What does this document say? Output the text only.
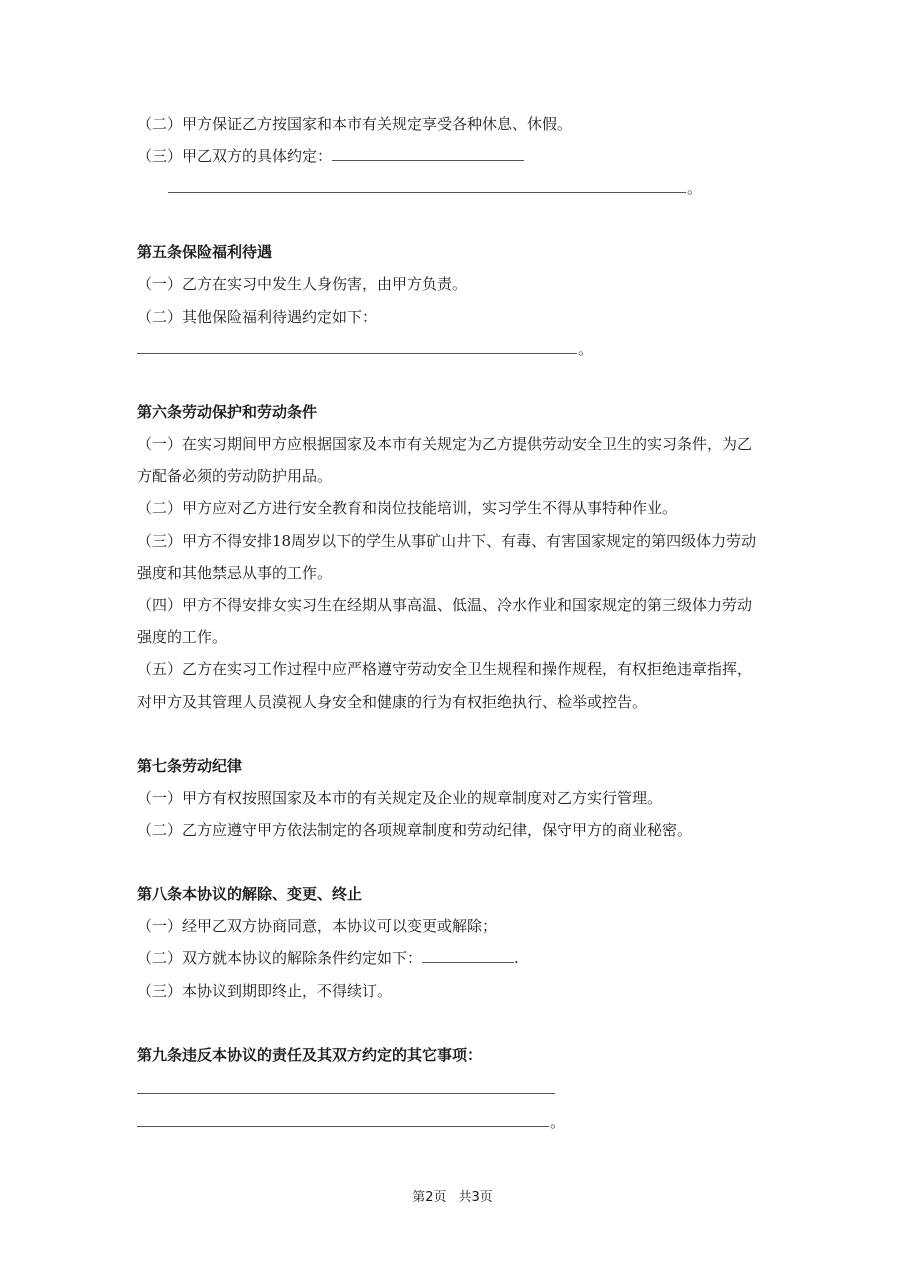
（二）甲方保证乙方按国家和本市有关规定享受各种休息、休假。
（三）甲乙双方的具体约定：
。
第五条保险福利待遇
（一）乙方在实习中发生人身伤害，由甲方负责。
（二）其他保险福利待遇约定如下：
。
第六条劳动保护和劳动条件
（一）在实习期间甲方应根据国家及本市有关规定为乙方提供劳动安全卫生的实习条件，为乙
方配备必须的劳动防护用品。
（二）甲方应对乙方进行安全教育和岗位技能培训，实习学生不得从事特种作业。
（三）甲方不得安排18周岁以下的学生从事矿山井下、有毒、有害国家规定的第四级体力劳动
强度和其他禁忌从事的工作。
（四）甲方不得安排女实习生在经期从事高温、低温、冷水作业和国家规定的第三级体力劳动
强度的工作。
（五）乙方在实习工作过程中应严格遵守劳动安全卫生规程和操作规程，有权拒绝违章指挥，
对甲方及其管理人员漠视人身安全和健康的行为有权拒绝执行、检举或控告。
第七条劳动纪律
（一）甲方有权按照国家及本市的有关规定及企业的规章制度对乙方实行管理。
（二）乙方应遵守甲方依法制定的各项规章制度和劳动纪律，保守甲方的商业秘密。
第八条本协议的解除、变更、终止
（一）经甲乙双方协商同意，本协议可以变更或解除；
（二）双方就本协议的解除条件约定如下：	.
（三）本协议到期即终止，不得续订。
第九条违反本协议的责任及其双方约定的其它事项：
。
第2页 共3页
